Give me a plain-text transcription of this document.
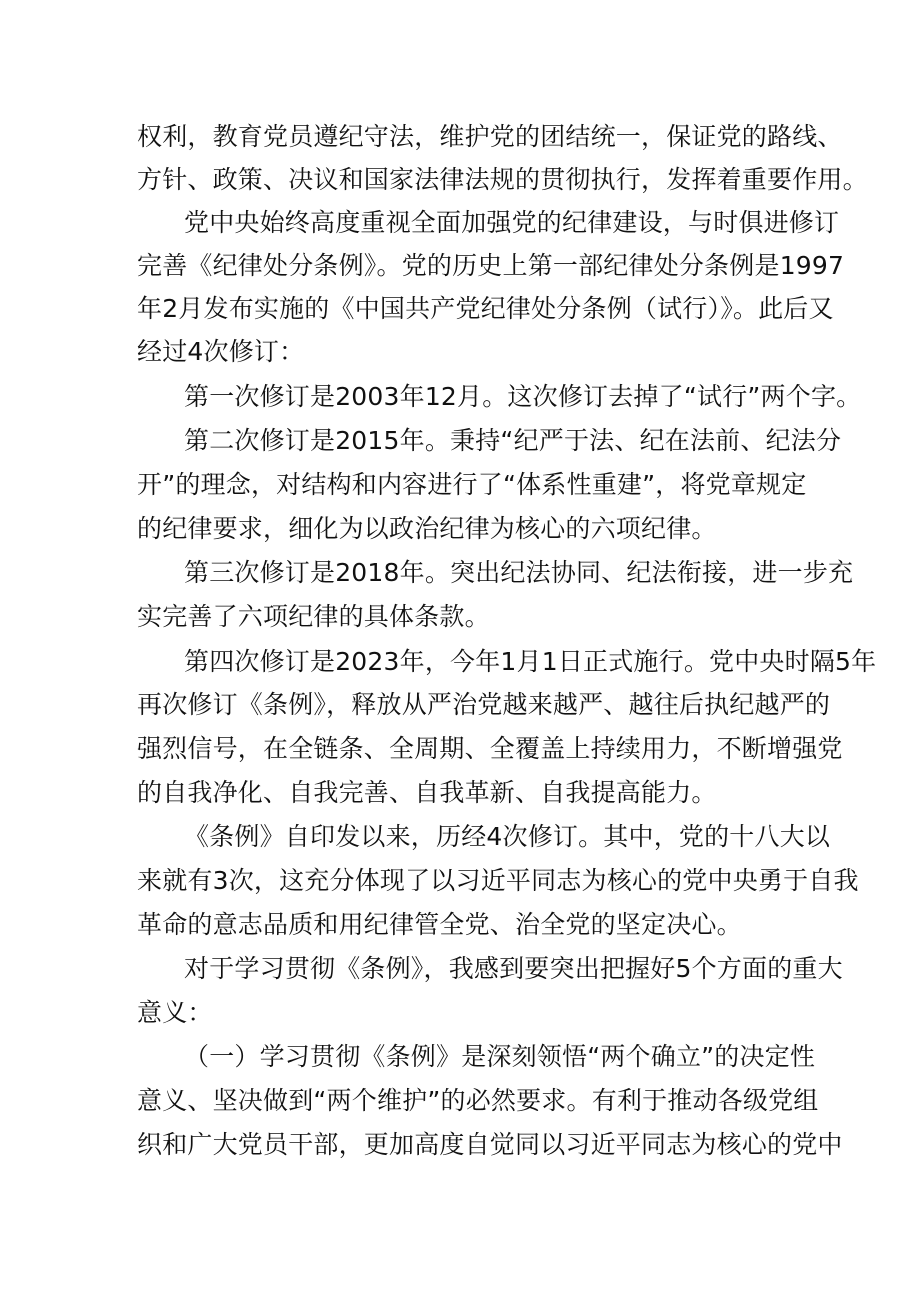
权利，教育党员遵纪守法，维护党的团结统一，保证党的路线、
方针、政策、决议和国家法律法规的贯彻执行，发挥着重要作用。
党中央始终高度重视全面加强党的纪律建设，与时俱进修订
完善《纪律处分条例》。党的历史上第一部纪律处分条例是1997
年2月发布实施的《中国共产党纪律处分条例（试行）》。此后又
经过4次修订：
第一次修订是2003年12月。这次修订去掉了“试行”两个字。
第二次修订是2015年。秉持“纪严于法、纪在法前、纪法分
开”的理念，对结构和内容进行了“体系性重建”，将党章规定
的纪律要求，细化为以政治纪律为核心的六项纪律。
第三次修订是2018年。突出纪法协同、纪法衔接，进一步充
实完善了六项纪律的具体条款。
第四次修订是2023年，今年1月1日正式施行。党中央时隔5年
再次修订《条例》，释放从严治党越来越严、越往后执纪越严的
强烈信号，在全链条、全周期、全覆盖上持续用力，不断增强党
的自我净化、自我完善、自我革新、自我提高能力。
《条例》自印发以来，历经4次修订。其中，党的十八大以
来就有3次，这充分体现了以习近平同志为核心的党中央勇于自我
革命的意志品质和用纪律管全党、治全党的坚定决心。
对于学习贯彻《条例》，我感到要突出把握好5个方面的重大
意义：
（一）学习贯彻《条例》是深刻领悟“两个确立”的决定性
意义、坚决做到“两个维护”的必然要求。有利于推动各级党组
织和广大党员干部，更加高度自觉同以习近平同志为核心的党中
